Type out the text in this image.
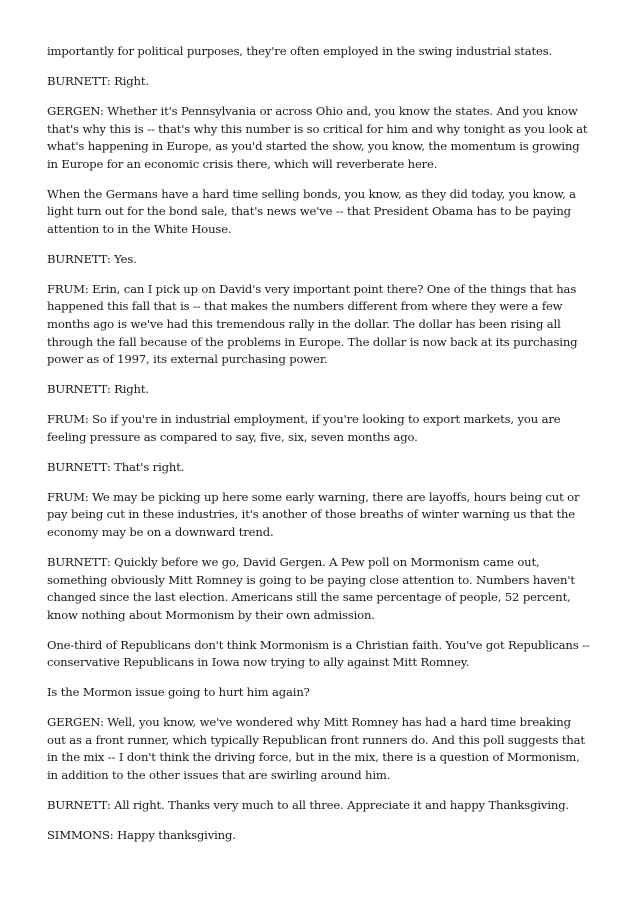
importantly for political purposes, they're often employed in the swing industrial states.

BURNETT: Right.

GERGEN: Whether it's Pennsylvania or across Ohio and, you know the states. And you know that's why this is -- that's why this number is so critical for him and why tonight as you look at what's happening in Europe, as you'd started the show, you know, the momentum is growing in Europe for an economic crisis there, which will reverberate here.

When the Germans have a hard time selling bonds, you know, as they did today, you know, a light turn out for the bond sale, that's news we've -- that President Obama has to be paying attention to in the White House.

BURNETT: Yes.

FRUM: Erin, can I pick up on David's very important point there? One of the things that has happened this fall that is -- that makes the numbers different from where they were a few months ago is we've had this tremendous rally in the dollar. The dollar has been rising all through the fall because of the problems in Europe. The dollar is now back at its purchasing power as of 1997, its external purchasing power.

BURNETT: Right.

FRUM: So if you're in industrial employment, if you're looking to export markets, you are feeling pressure as compared to say, five, six, seven months ago.

BURNETT: That's right.

FRUM: We may be picking up here some early warning, there are layoffs, hours being cut or pay being cut in these industries, it's another of those breaths of winter warning us that the economy may be on a downward trend.

BURNETT: Quickly before we go, David Gergen. A Pew poll on Mormonism came out, something obviously Mitt Romney is going to be paying close attention to. Numbers haven't changed since the last election. Americans still the same percentage of people, 52 percent, know nothing about Mormonism by their own admission.

One-third of Republicans don't think Mormonism is a Christian faith. You've got Republicans -- conservative Republicans in Iowa now trying to ally against Mitt Romney.

Is the Mormon issue going to hurt him again?

GERGEN: Well, you know, we've wondered why Mitt Romney has had a hard time breaking out as a front runner, which typically Republican front runners do. And this poll suggests that in the mix -- I don't think the driving force, but in the mix, there is a question of Mormonism, in addition to the other issues that are swirling around him.

BURNETT: All right. Thanks very much to all three. Appreciate it and happy Thanksgiving.

SIMMONS: Happy thanksgiving.
